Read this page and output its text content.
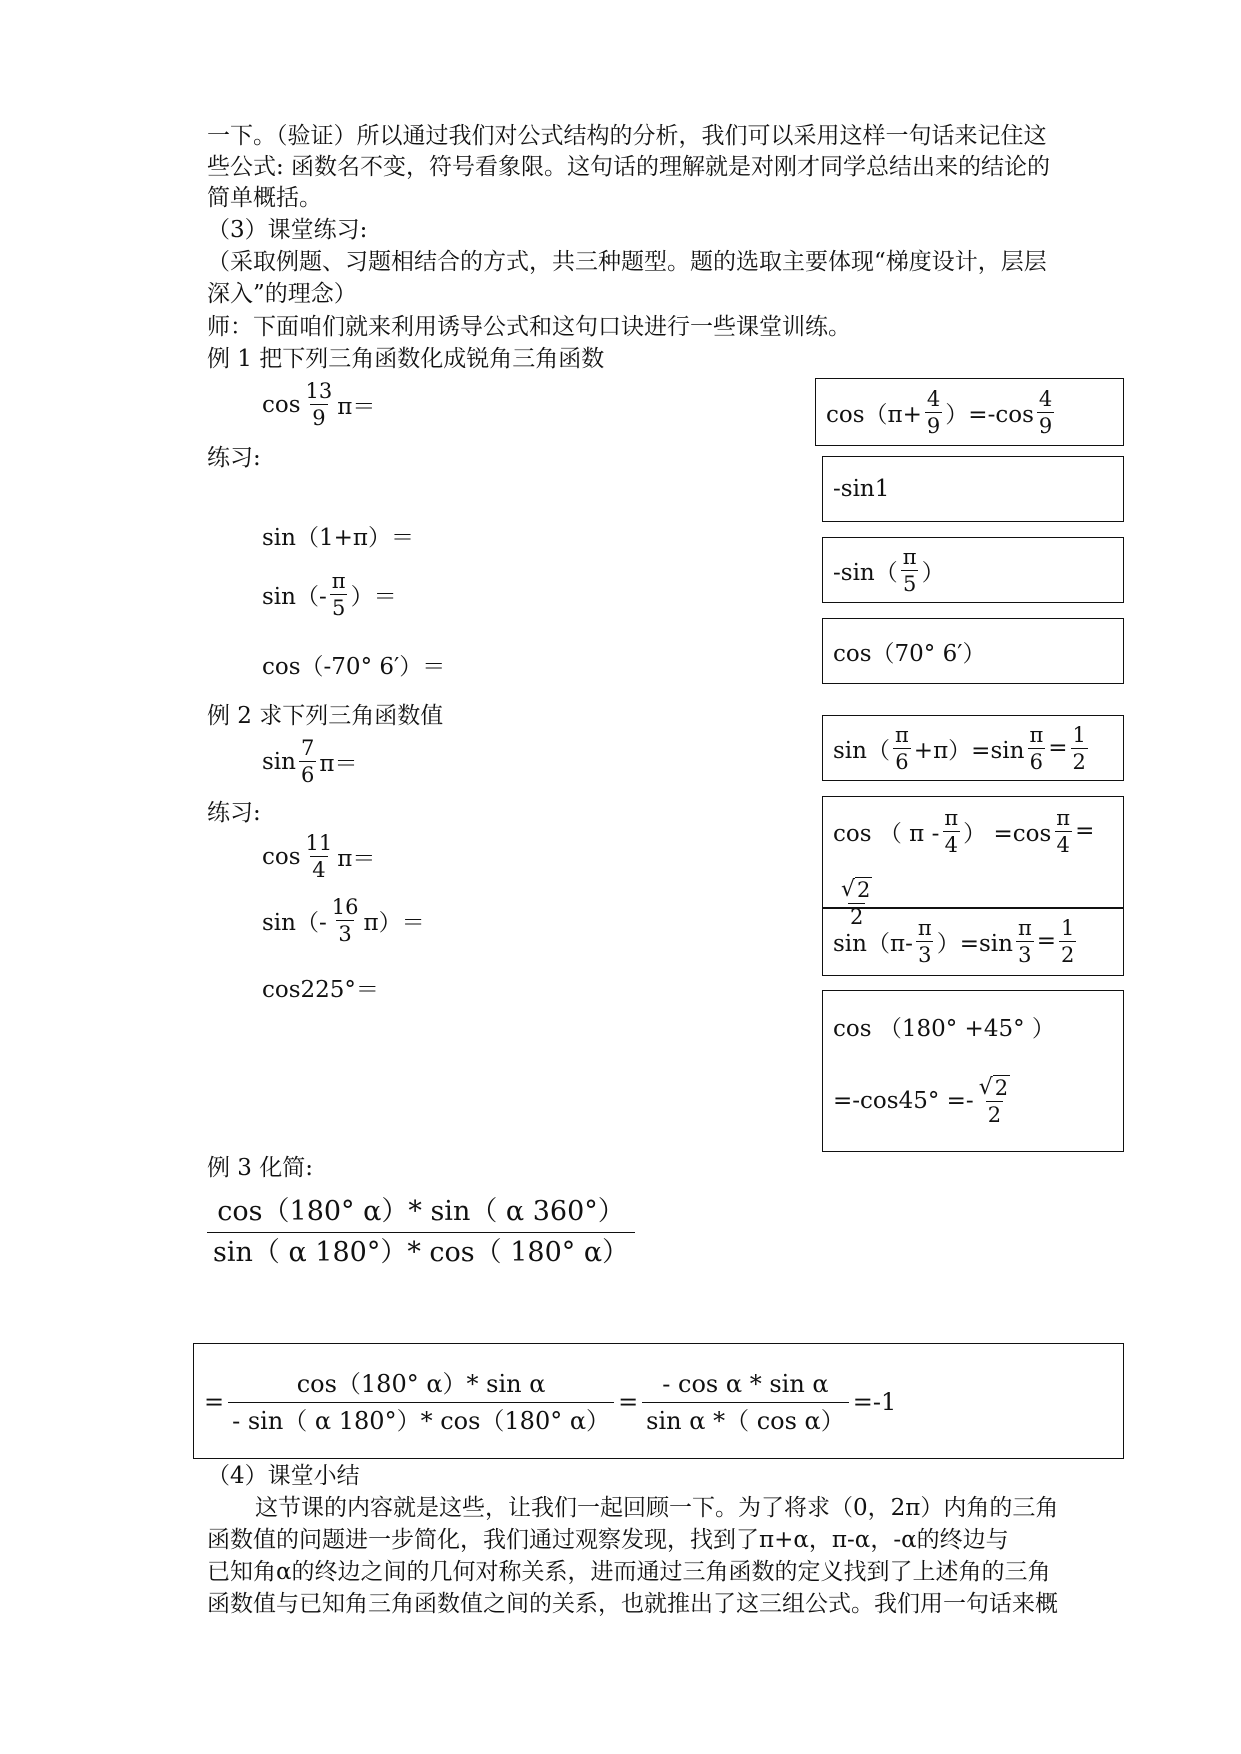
一下。（验证）所以通过我们对公式结构的分析，我们可以采用这样一句话来记住这
些公式: 函数名不变，符号看象限。这句话的理解就是对刚才同学总结出来的结论的
简单概括。
（3）课堂练习:
（采取例题、习题相结合的方式，共三种题型。题的选取主要体现“梯度设计，层层
深入”的理念）
师：下面咱们就来利用诱导公式和这句口诀进行一些课堂训练。
例 1 把下列三角函数化成锐角三角函数
$\cos \frac{13}{9} \pi=$
练习:
sin（1+π）＝
$\sin(- \frac{\pi}{5}$ ）＝
cos（-70° 6′）＝
例 2 求下列三角函数值
$\sin \frac{7}{6} \pi=$
练习:
$\cos \frac{11}{4} \pi=$
$\sin(- \frac{16}{3} \pi)=$
cos225°＝
$\cos(\pi+ \frac{4}{9} )=-\cos \frac{4}{9}$
-sin1
$-\sin( \frac{\pi}{5}$ ）
cos（70° 6′）
$\sin( \frac{\pi}{6} +\pi)=\sin \frac{\pi}{6} = \frac{1}{2}$
cos （ π - $\frac{\pi}{4}$ ） $=\cos \frac{\pi}{4}$ =
$\frac{√ 2}{2}$
$\sin(\pi- \frac{\pi}{3} )=\sin \frac{\pi}{3} = \frac{1}{2}$
cos （180° +45° ）
$=-\cos 45^\circ =- \frac{√ 2}{2}$
例 3 化简:
cos（180° α）* sin（ α 360°）
sin（ α 180°）* cos（ 180° α）
= $\frac{\text{cos（180° α）* sin α}}{- \sin( \alpha 180^\circ)* \cos(180^\circ \alpha)} = \frac{\text{- cos α * sin α}}{\text{sin α *（ cos α）}} =-1$
（4）课堂小结
这节课的内容就是这些，让我们一起回顾一下。为了将求（0，2π）内角的三角
函数值的问题进一步简化，我们通过观察发现，找到了π+α，π-α，-α的终边与
已知角α的终边之间的几何对称关系，进而通过三角函数的定义找到了上述角的三角
函数值与已知角三角函数值之间的关系，也就推出了这三组公式。我们用一句话来概
